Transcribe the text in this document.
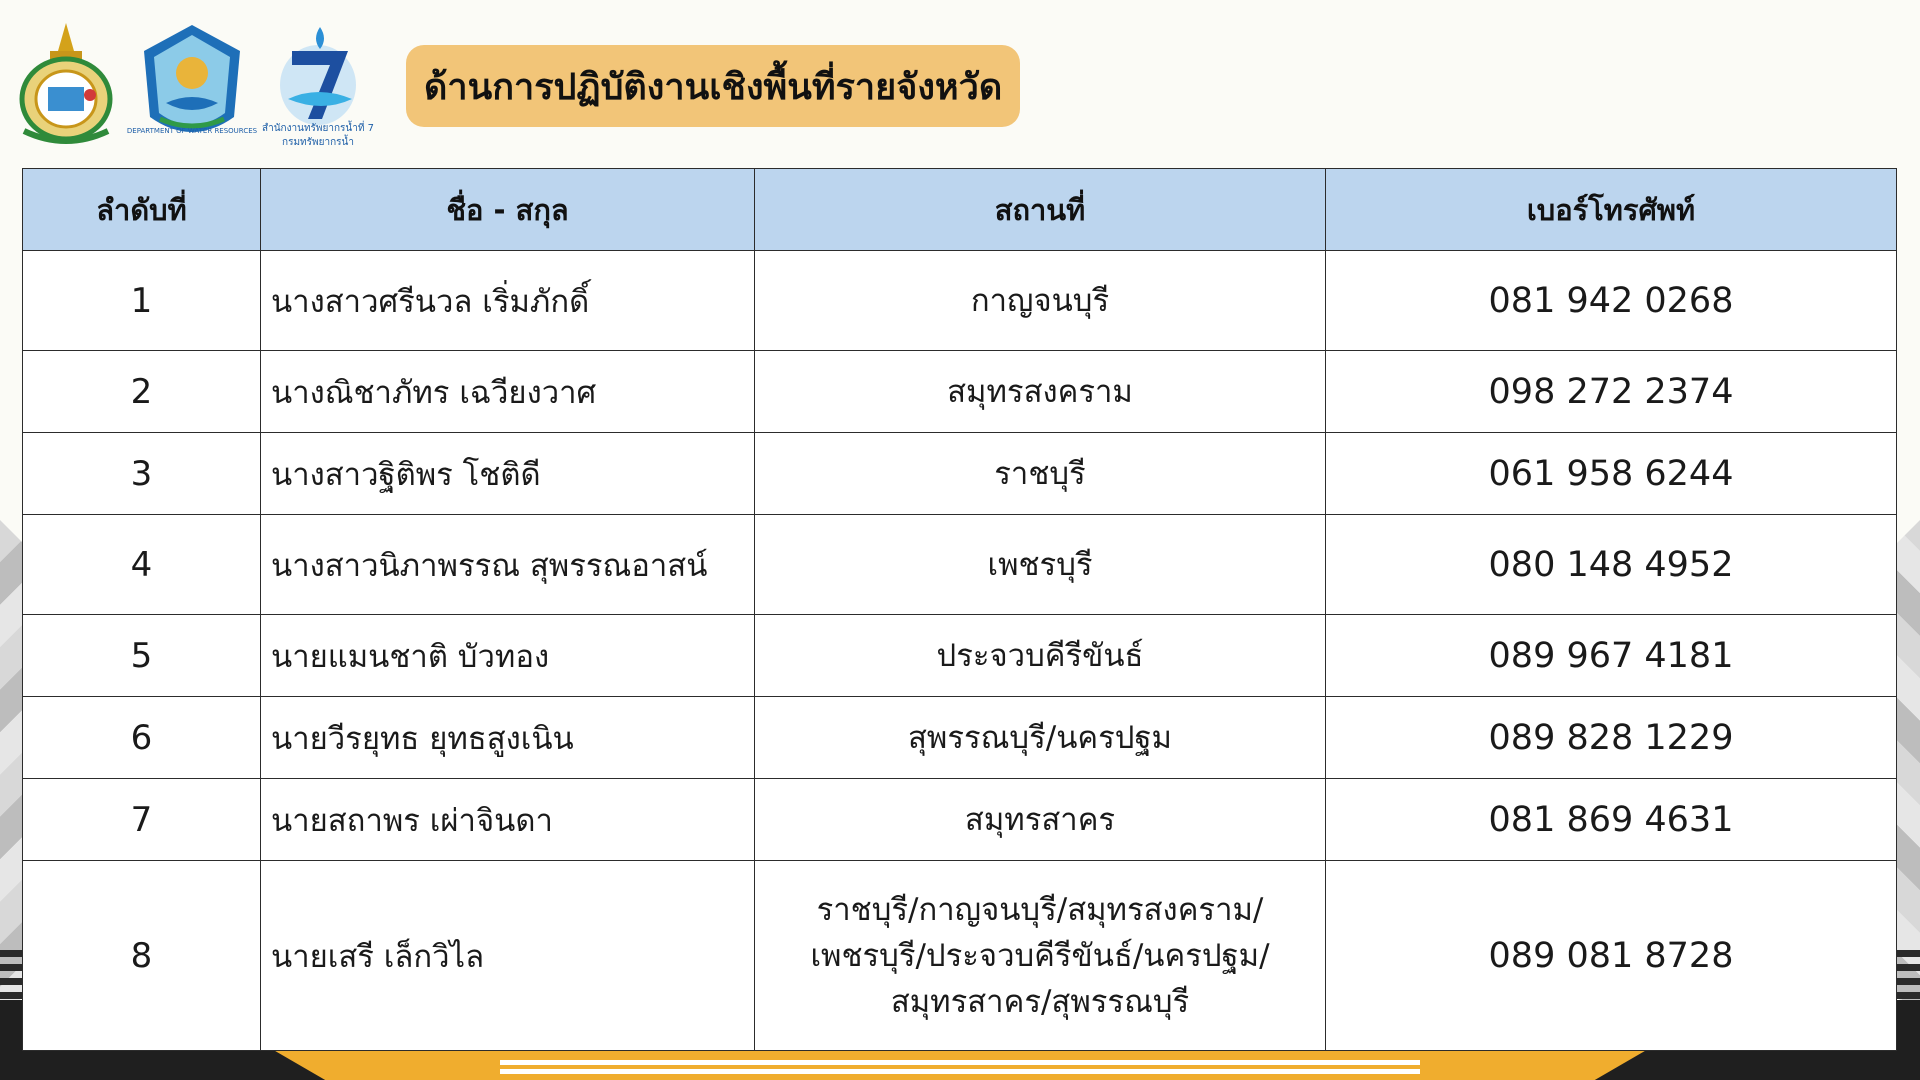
DEPARTMENT OF WATER RESOURCES สำนักงานทรัพยากรน้ำที่ 7
กรมทรัพยากรน้ำ
ด้านการปฏิบัติงานเชิงพื้นที่รายจังหวัด
ลำดับที่	ชื่อ - สกุล	สถานที่	เบอร์โทรศัพท์
1	นางสาวศรีนวล เริ่มภักดิ์	กาญจนบุรี	081 942 0268
2	นางณิชาภัทร เฉวียงวาศ	สมุทรสงคราม	098 272 2374
3	นางสาวฐิติพร โชติดี	ราชบุรี	061 958 6244
4	นางสาวนิภาพรรณ สุพรรณอาสน์	เพชรบุรี	080 148 4952
5	นายแมนชาติ บัวทอง	ประจวบคีรีขันธ์	089 967 4181
6	นายวีรยุทธ ยุทธสูงเนิน	สุพรรณบุรี/นครปฐม	089 828 1229
7	นายสถาพร เผ่าจินดา	สมุทรสาคร	081 869 4631
8	นายเสรี เล็กวิไล	ราชบุรี/กาญจนบุรี/สมุทรสงคราม/
เพชรบุรี/ประจวบคีรีขันธ์/นครปฐม/
สมุทรสาคร/สุพรรณบุรี	089 081 8728
